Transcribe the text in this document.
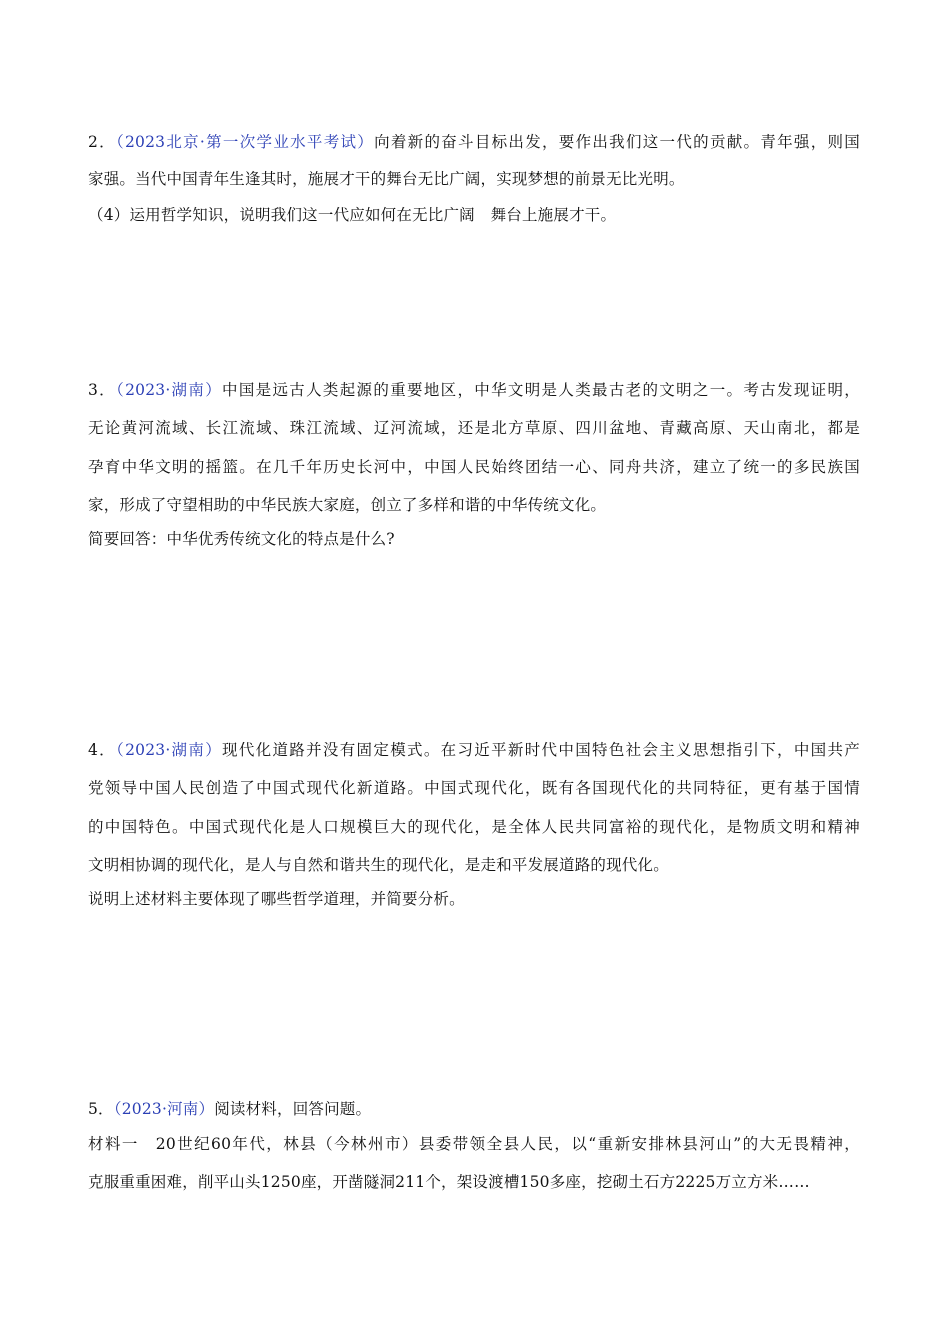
2．（2023北京·第一次学业水平考试）向着新的奋斗目标出发，要作出我们这一代的贡献。青年强，则国
家强。当代中国青年生逢其时，施展才干的舞台无比广阔，实现梦想的前景无比光明。
（4）运用哲学知识，说明我们这一代应如何在无比广阔　舞台上施展才干。
3．（2023·湖南）中国是远古人类起源的重要地区，中华文明是人类最古老的文明之一。考古发现证明，
无论黄河流域、长江流域、珠江流域、辽河流域，还是北方草原、四川盆地、青藏高原、天山南北，都是
孕育中华文明的摇篮。在几千年历史长河中，中国人民始终团结一心、同舟共济，建立了统一的多民族国
家，形成了守望相助的中华民族大家庭，创立了多样和谐的中华传统文化。
简要回答：中华优秀传统文化的特点是什么?
4．（2023·湖南）现代化道路并没有固定模式。在习近平新时代中国特色社会主义思想指引下，中国共产
党领导中国人民创造了中国式现代化新道路。中国式现代化，既有各国现代化的共同特征，更有基于国情
的中国特色。中国式现代化是人口规模巨大的现代化，是全体人民共同富裕的现代化，是物质文明和精神
文明相协调的现代化，是人与自然和谐共生的现代化，是走和平发展道路的现代化。
说明上述材料主要体现了哪些哲学道理，并简要分析。
5．（2023·河南）阅读材料，回答问题。
材料一　20世纪60年代，林县（今林州市）县委带领全县人民，以“重新安排林县河山”的大无畏精神，
克服重重困难，削平山头1250座，开凿隧洞211个，架设渡槽150多座，挖砌土石方2225万立方米……
